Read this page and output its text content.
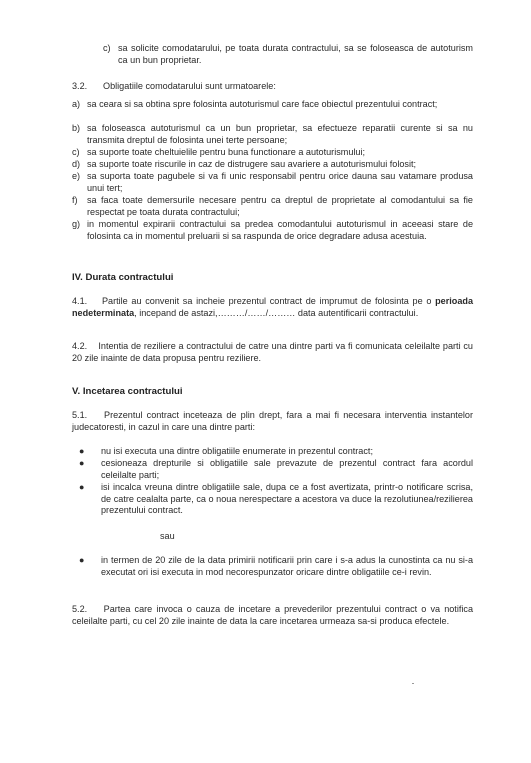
c) sa solicite comodatarului, pe toata durata contractului, sa se foloseasca de autoturism ca un bun proprietar.

3.2. Obligatiile comodatarului sunt urmatoarele:

a) sa ceara si sa obtina spre folosinta autoturismul care face obiectul prezentului contract;

b) sa foloseasca autoturismul ca un bun proprietar, sa efectueze reparatii curente si sa nu transmita dreptul de folosinta unei terte persoane;

c) sa suporte toate cheltuielile pentru buna functionare a autoturismului;

d) sa suporte toate riscurile in caz de distrugere sau avariere a autoturismului folosit;

e) sa suporta toate pagubele si va fi unic responsabil pentru orice dauna sau vatamare produsa unui tert;

f) sa faca toate demersurile necesare pentru ca dreptul de proprietate al comodantului sa fie respectat pe toata durata contractului;

g) in momentul expirarii contractului sa predea comodantului autoturismul in aceeasi stare de folosinta ca in momentul preluarii si sa raspunda de orice degradare adusa acestuia.

IV. Durata contractului

4.1. Partile au convenit sa incheie prezentul contract de imprumut de folosinta pe o perioada nedeterminata, incepand de astazi,………/……/……… data autentificarii contractului.

4.2. Intentia de reziliere a contractului de catre una dintre parti va fi comunicata celeilalte parti cu 20 zile inainte de data propusa pentru reziliere.

V. Incetarea contractului

5.1. Prezentul contract inceteaza de plin drept, fara a mai fi necesara interventia instantelor judecatoresti, in cazul in care una dintre parti:

● nu isi executa una dintre obligatiile enumerate in prezentul contract;

● cesioneaza drepturile si obligatiile sale prevazute de prezentul contract fara acordul celeilalte parti;

● isi incalca vreuna dintre obligatiile sale, dupa ce a fost avertizata, printr-o notificare scrisa, de catre cealalta parte, ca o noua nerespectare a acestora va duce la rezolutiunea/rezilierea prezentului contract.

sau

● in termen de 20 zile de la data primirii notificarii prin care i s-a adus la cunostinta ca nu si-a executat ori isi executa in mod necorespunzator oricare dintre obligatiile ce-i revin.

5.2. Partea care invoca o cauza de incetare a prevederilor prezentului contract o va notifica celeilalte parti, cu cel 20 zile inainte de data la care incetarea urmeaza sa-si produca efectele.
